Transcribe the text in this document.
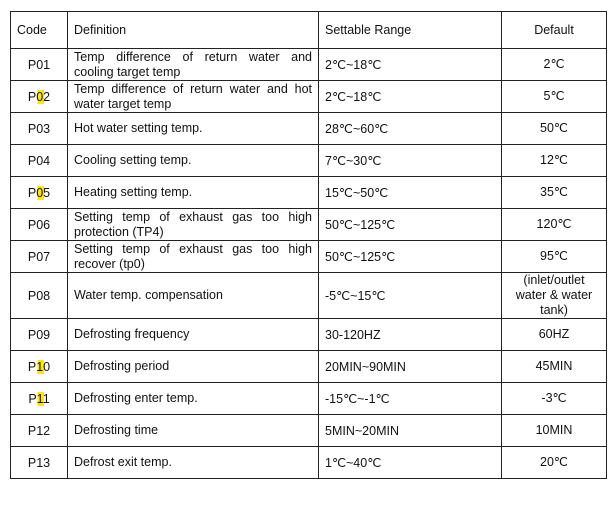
Code	Definition	Settable Range	Default
P01	Temp difference of return water and cooling target temp	2℃~18℃	2℃
P02	Temp difference of return water and hot water target temp	2℃~18℃	5℃
P03	Hot water setting temp.	28℃~60℃	50℃
P04	Cooling setting temp.	7℃~30℃	12℃
P05	Heating setting temp.	15℃~50℃	35℃
P06	Setting temp of exhaust gas too high protection (TP4)	50℃~125℃	120℃
P07	Setting temp of exhaust gas too high recover (tp0)	50℃~125℃	95℃
P08	Water temp. compensation	-5℃~15℃	(inlet/outlet water & water tank)
P09	Defrosting frequency	30-120HZ	60HZ
P10	Defrosting period	20MIN~90MIN	45MIN
P11	Defrosting enter temp.	-15℃~-1℃	-3℃
P12	Defrosting time	5MIN~20MIN	10MIN
P13	Defrost exit temp.	1℃~40℃	20℃
